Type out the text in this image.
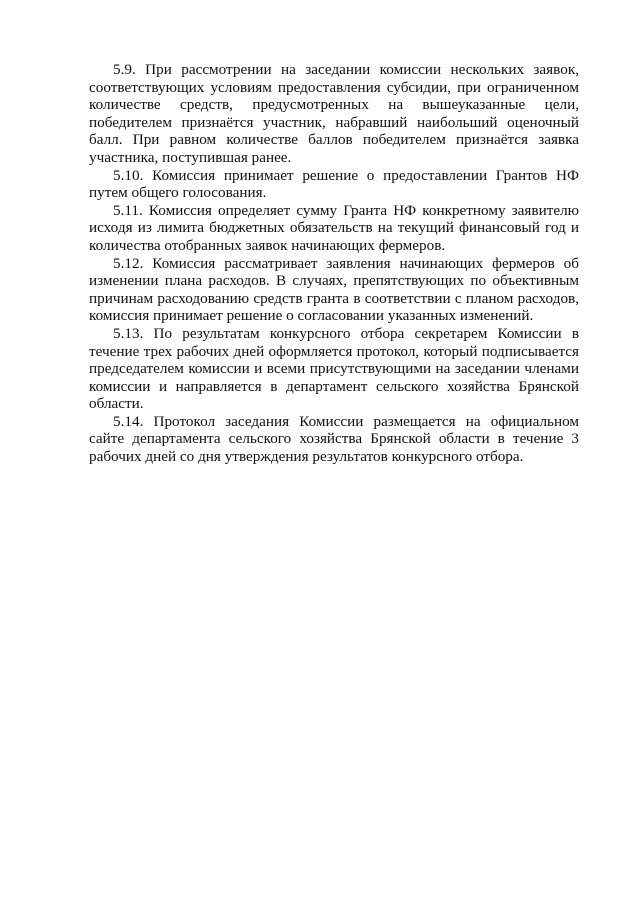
5.9. При рассмотрении на заседании комиссии нескольких заявок, соответствующих условиям предоставления субсидии, при ограниченном количестве средств, предусмотренных на вышеуказанные цели, победителем признаётся участник, набравший наибольший оценочный балл. При равном количестве баллов победителем признаётся заявка участника, поступившая ранее.

5.10. Комиссия принимает решение о предоставлении Грантов НФ путем общего голосования.

5.11. Комиссия определяет сумму Гранта НФ конкретному заявителю исходя из лимита бюджетных обязательств на текущий финансовый год и количества отобранных заявок начинающих фермеров.

5.12. Комиссия рассматривает заявления начинающих фермеров об изменении плана расходов. В случаях, препятствующих по объективным причинам расходованию средств гранта в соответствии с планом расходов, комиссия принимает решение о согласовании указанных изменений.

5.13. По результатам конкурсного отбора секретарем Комиссии в течение трех рабочих дней оформляется протокол, который подписывается председателем комиссии и всеми присутствующими на заседании членами комиссии и направляется в департамент сельского хозяйства Брянской области.

5.14. Протокол заседания Комиссии размещается на официальном сайте департамента сельского хозяйства Брянской области в течение 3 рабочих дней со дня утверждения результатов конкурсного отбора.
